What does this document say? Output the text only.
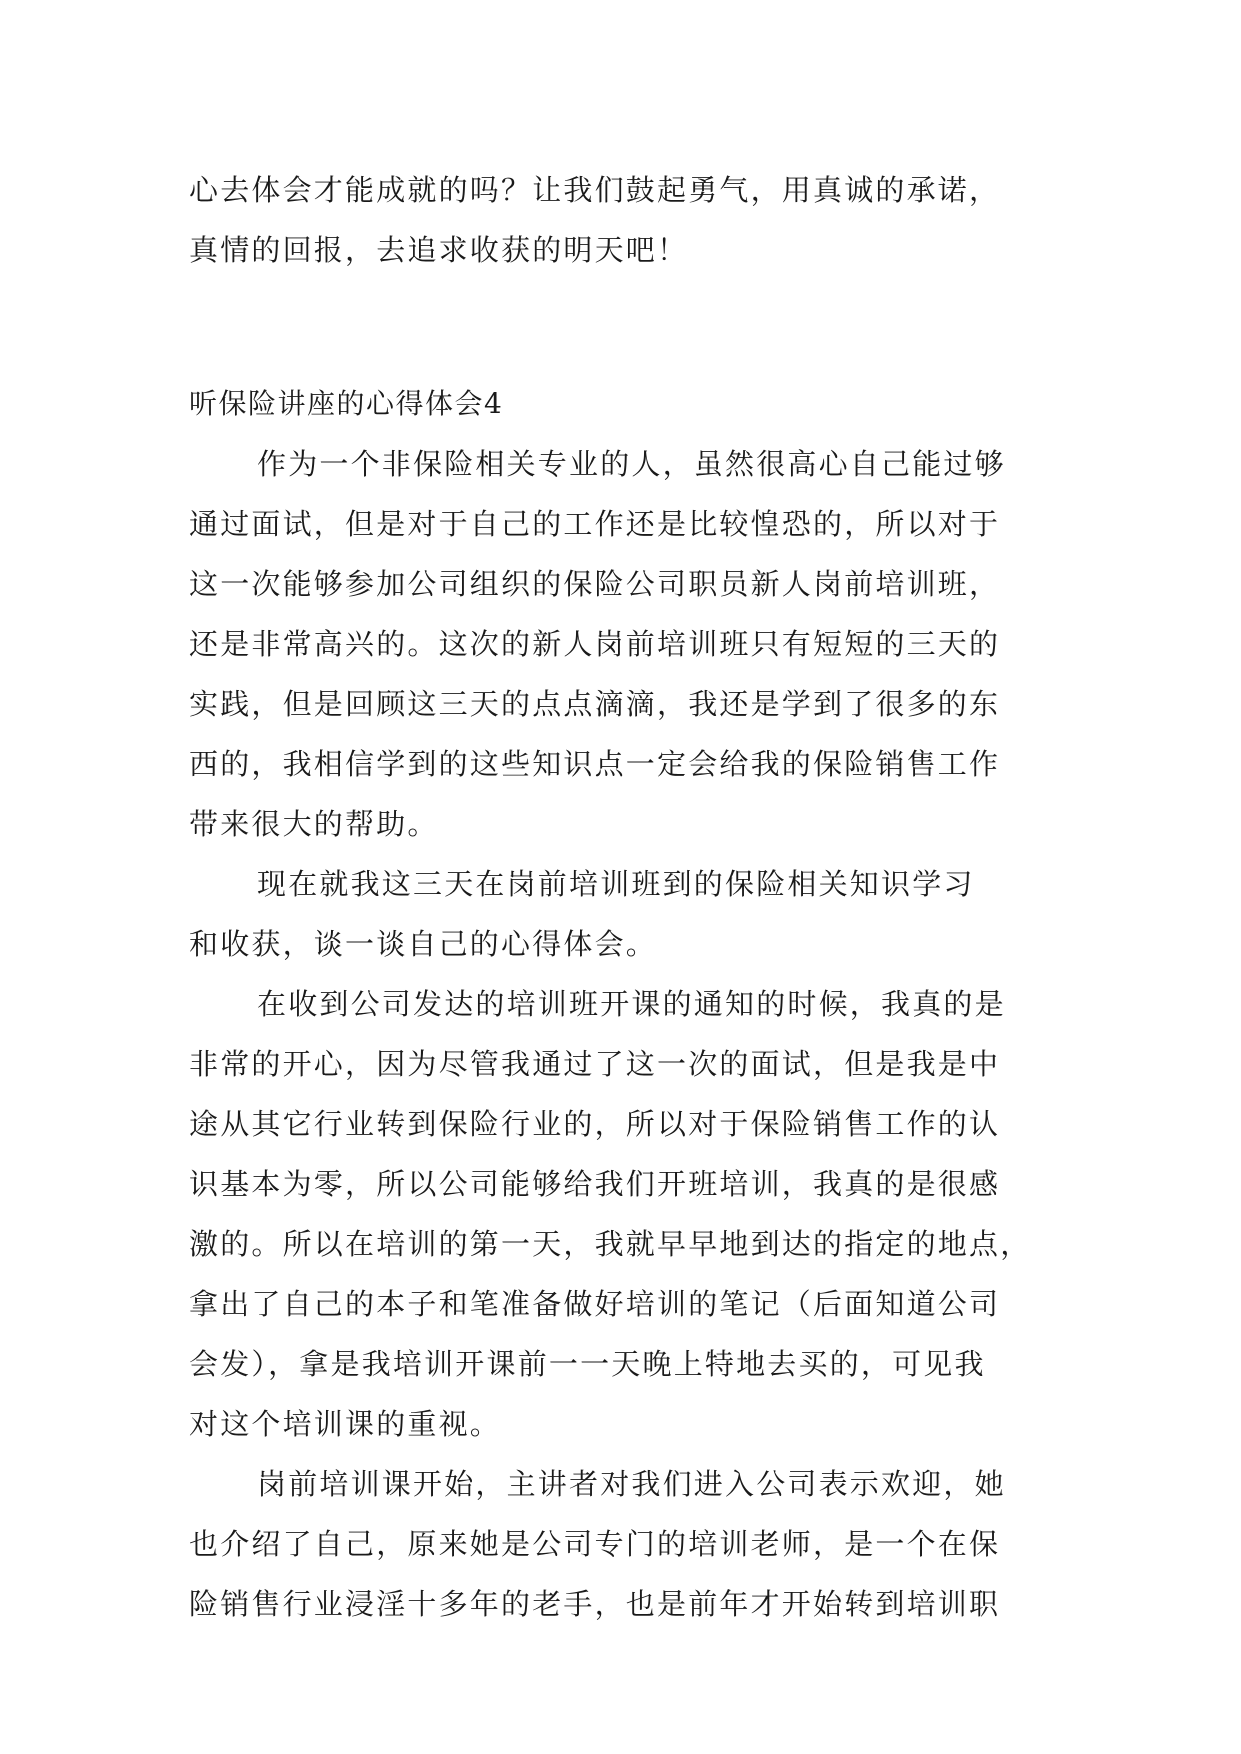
心去体会才能成就的吗？让我们鼓起勇气，用真诚的承诺，
真情的回报，去追求收获的明天吧！
听保险讲座的心得体会4
作为一个非保险相关专业的人，虽然很高心自己能过够
通过面试，但是对于自己的工作还是比较惶恐的，所以对于
这一次能够参加公司组织的保险公司职员新人岗前培训班，
还是非常高兴的。这次的新人岗前培训班只有短短的三天的
实践，但是回顾这三天的点点滴滴，我还是学到了很多的东
西的，我相信学到的这些知识点一定会给我的保险销售工作
带来很大的帮助。
现在就我这三天在岗前培训班到的保险相关知识学习
和收获，谈一谈自己的心得体会。
在收到公司发达的培训班开课的通知的时候，我真的是
非常的开心，因为尽管我通过了这一次的面试，但是我是中
途从其它行业转到保险行业的，所以对于保险销售工作的认
识基本为零，所以公司能够给我们开班培训，我真的是很感
激的。所以在培训的第一天，我就早早地到达的指定的地点，
拿出了自己的本子和笔准备做好培训的笔记（后面知道公司
会发），拿是我培训开课前一一天晚上特地去买的，可见我
对这个培训课的重视。
岗前培训课开始，主讲者对我们进入公司表示欢迎，她
也介绍了自己，原来她是公司专门的培训老师，是一个在保
险销售行业浸淫十多年的老手，也是前年才开始转到培训职
